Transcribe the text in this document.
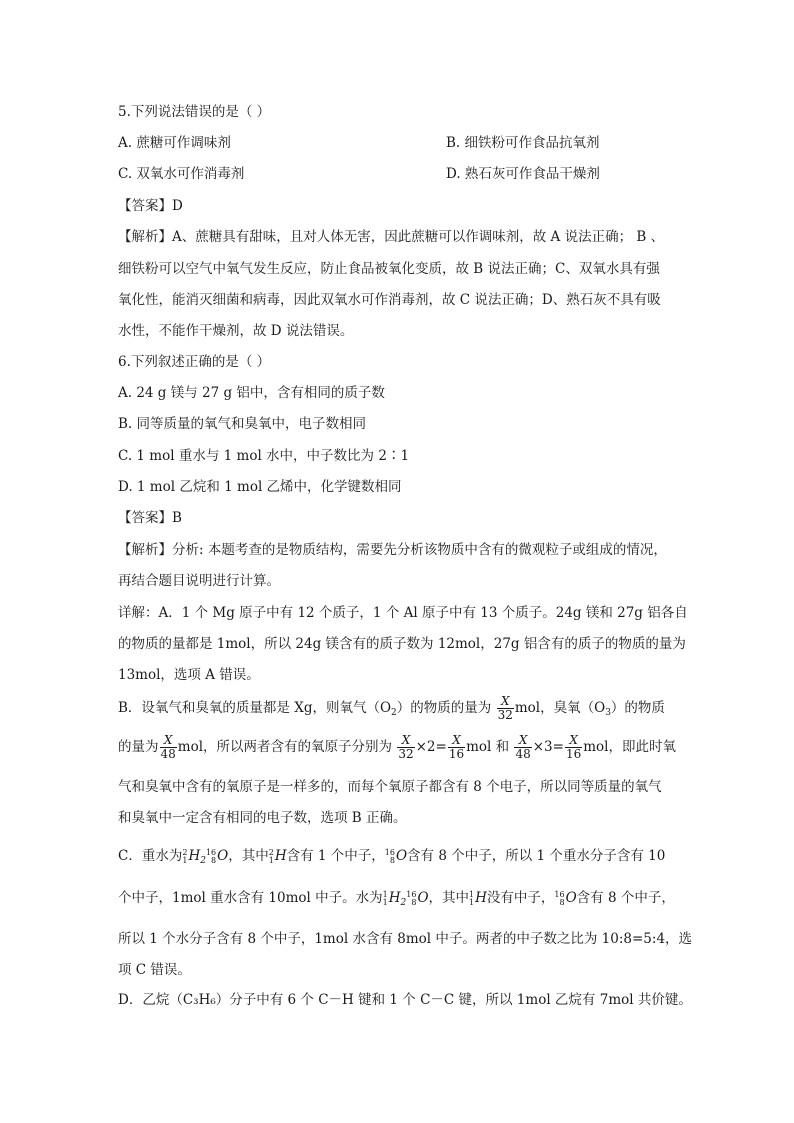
5.下列说法错误的是（ ）
A. 蔗糖可作调味剂	B. 细铁粉可作食品抗氧剂
C. 双氧水可作消毒剂	D. 熟石灰可作食品干燥剂
【答案】D
【解析】A、蔗糖具有甜味，且对人体无害，因此蔗糖可以作调味剂，故 A 说法正确； B 、
细铁粉可以空气中氧气发生反应，防止食品被氧化变质，故 B 说法正确；C、双氧水具有强
氧化性，能消灭细菌和病毒，因此双氧水可作消毒剂，故 C 说法正确；D、熟石灰不具有吸
水性，不能作干燥剂，故 D 说法错误。
6.下列叙述正确的是（ ）
A. 24 g 镁与 27 g 铝中，含有相同的质子数
B. 同等质量的氧气和臭氧中，电子数相同
C. 1 mol 重水与 1 mol 水中，中子数比为 2∶1
D. 1 mol 乙烷和 1 mol 乙烯中，化学键数相同
【答案】B
【解析】分析: 本题考查的是物质结构，需要先分析该物质中含有的微观粒子或组成的情况，
再结合题目说明进行计算。
详解：A．1 个 Mg 原子中有 12 个质子，1 个 Al 原子中有 13 个质子。24g 镁和 27g 铝各自
的物质的量都是 1mol，所以 24g 镁含有的质子数为 12mol，27g 铝含有的质子的物质的量为
13mol，选项 A 错误。
B．设氧气和臭氧的质量都是 Xg，则氧气$(O_2)$的物质的量为 $\frac{X}{32}$ mol，臭氧$(O_3)$的物质
的量为 $\frac{X}{48}$ mol，所以两者含有的氧原子分别为 $\frac{X}{32} \times 2= \frac{X}{16}$ mol 和 $\frac{X}{48} \times 3= \frac{X}{16}$ mol，即此时氧
气和臭氧中含有的氧原子是一样多的，而每个氧原子都含有 8 个电子，所以同等质量的氧气
和臭氧中一定含有相同的电子数，选项 B 正确。
C．重水为 2
1 $H_2$
16
8 O，其中 2
1 H含有 1 个中子， 16
8 O含有 8 个中子，所以 1 个重水分子含有 10
个中子，1mol 重水含有 10mol 中子。水为 1
1 $H_2$
16
8 O，其中 1
1 H没有中子， 16
8 O含有 8 个中子，
所以 1 个水分子含有 8 个中子，1mol 水含有 8mol 中子。两者的中子数之比为 10:8=5:4，选
项 C 错误。
D．乙烷（C₃H₆）分子中有 6 个 C－H 键和 1 个 C－C 键，所以 1mol 乙烷有 7mol 共价键。
